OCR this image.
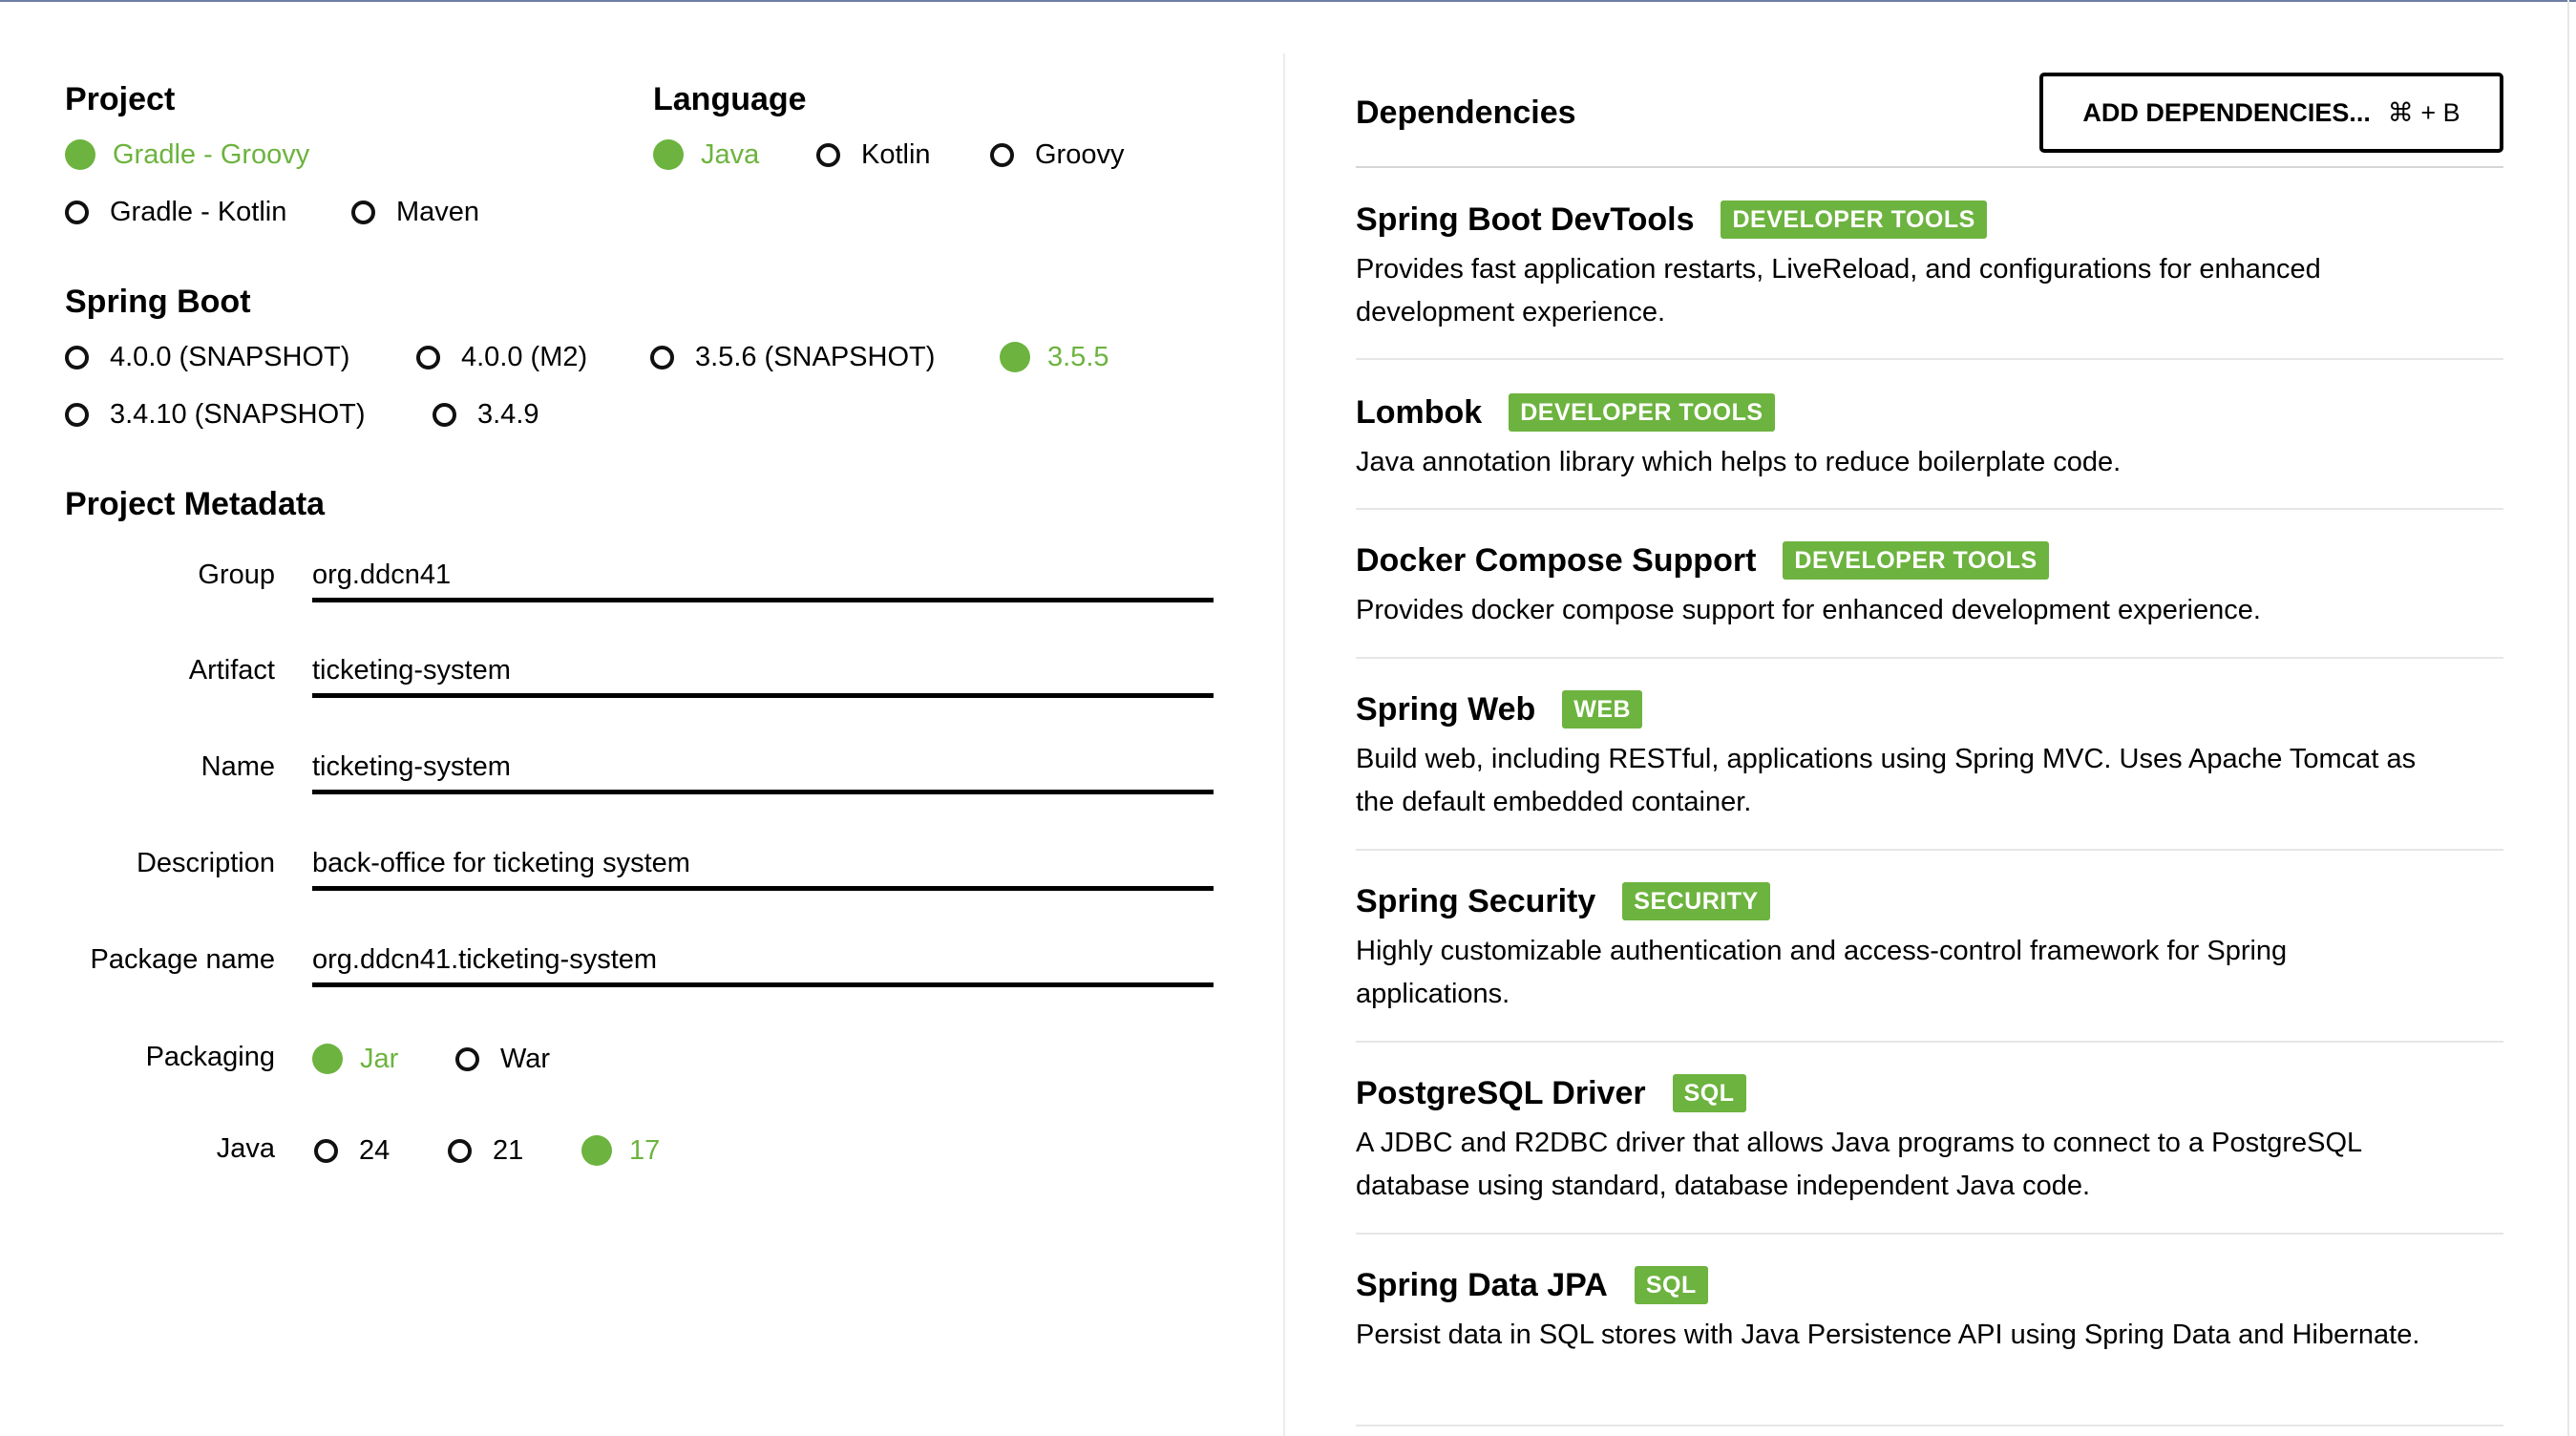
Project
Gradle - Groovy
Gradle - Kotlin	Maven
Language
Java	Kotlin	Groovy
Spring Boot
4.0.0 (SNAPSHOT)	4.0.0 (M2)	3.5.6 (SNAPSHOT)	3.5.5
3.4.10 (SNAPSHOT)	3.4.9
Project Metadata
Group
org.ddcn41
Artifact
ticketing-system
Name
ticketing-system
Description
back-office for ticketing system
Package name
org.ddcn41.ticketing-system
Packaging	Jar	War
Java	24	21	17
Dependencies	ADD DEPENDENCIES... ⌘ + B
Spring Boot DevTools	DEVELOPER TOOLS
Provides fast application restarts, LiveReload, and configurations for enhanced development experience.
Lombok	DEVELOPER TOOLS
Java annotation library which helps to reduce boilerplate code.
Docker Compose Support	DEVELOPER TOOLS
Provides docker compose support for enhanced development experience.
Spring Web	WEB
Build web, including RESTful, applications using Spring MVC. Uses Apache Tomcat as the default embedded container.
Spring Security	SECURITY
Highly customizable authentication and access-control framework for Spring applications.
PostgreSQL Driver	SQL
A JDBC and R2DBC driver that allows Java programs to connect to a PostgreSQL database using standard, database independent Java code.
Spring Data JPA	SQL
Persist data in SQL stores with Java Persistence API using Spring Data and Hibernate.
